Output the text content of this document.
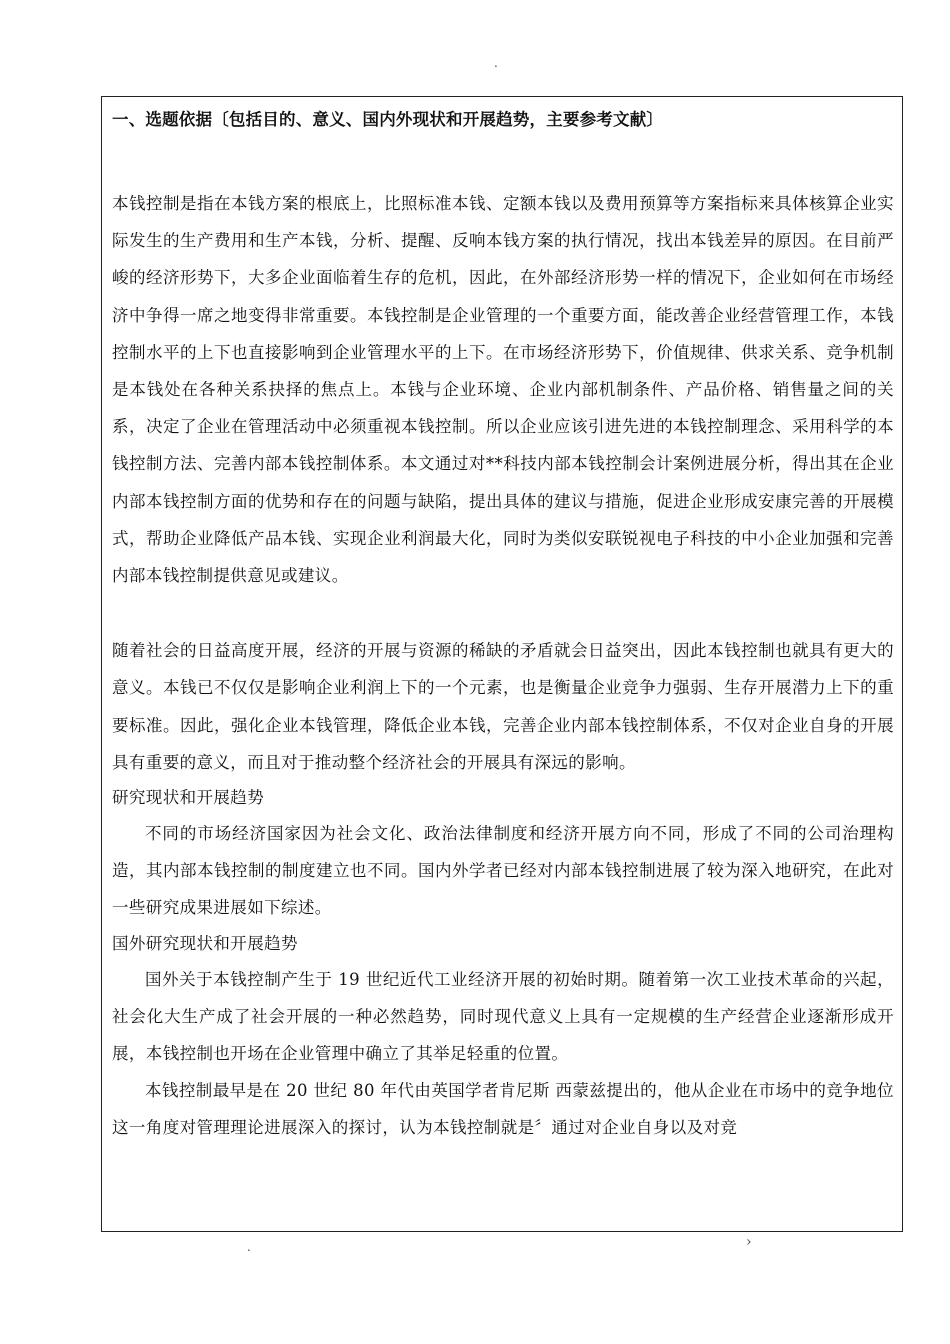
.

一、选题依据〔包括目的、意义、国内外现状和开展趋势，主要参考文献〕

本钱控制是指在本钱方案的根底上，比照标准本钱、定额本钱以及费用预算等方案指标来具体核算企业实际发生的生产费用和生产本钱，分析、提醒、反响本钱方案的执行情况，找出本钱差异的原因。在目前严峻的经济形势下，大多企业面临着生存的危机，因此，在外部经济形势一样的情况下，企业如何在市场经济中争得一席之地变得非常重要。本钱控制是企业管理的一个重要方面，能改善企业经营管理工作，本钱控制水平的上下也直接影响到企业管理水平的上下。在市场经济形势下，价值规律、供求关系、竞争机制是本钱处在各种关系抉择的焦点上。本钱与企业环境、企业内部机制条件、产品价格、销售量之间的关系，决定了企业在管理活动中必须重视本钱控制。所以企业应该引进先进的本钱控制理念、采用科学的本钱控制方法、完善内部本钱控制体系。本文通过对**科技内部本钱控制会计案例进展分析，得出其在企业内部本钱控制方面的优势和存在的问题与缺陷，提出具体的建议与措施，促进企业形成安康完善的开展模式，帮助企业降低产品本钱、实现企业利润最大化，同时为类似安联锐视电子科技的中小企业加强和完善内部本钱控制提供意见或建议。

随着社会的日益高度开展，经济的开展与资源的稀缺的矛盾就会日益突出，因此本钱控制也就具有更大的意义。本钱已不仅仅是影响企业利润上下的一个元素，也是衡量企业竞争力强弱、生存开展潜力上下的重要标准。因此，强化企业本钱管理，降低企业本钱，完善企业内部本钱控制体系，不仅对企业自身的开展具有重要的意义，而且对于推动整个经济社会的开展具有深远的影响。

研究现状和开展趋势

不同的市场经济国家因为社会文化、政治法律制度和经济开展方向不同，形成了不同的公司治理构造，其内部本钱控制的制度建立也不同。国内外学者已经对内部本钱控制进展了较为深入地研究，在此对一些研究成果进展如下综述。

国外研究现状和开展趋势

国外关于本钱控制产生于 19 世纪近代工业经济开展的初始时期。随着第一次工业技术革命的兴起，社会化大生产成了社会开展的一种必然趋势，同时现代意义上具有一定规模的生产经营企业逐渐形成开展，本钱控制也开场在企业管理中确立了其举足轻重的位置。

本钱控制最早是在 20 世纪 80 年代由英国学者肯尼斯 西蒙兹提出的，他从企业在市场中的竞争地位这一角度对管理理论进展深入的探讨，认为本钱控制就是〞通过对企业自身以及对竞

.	›
